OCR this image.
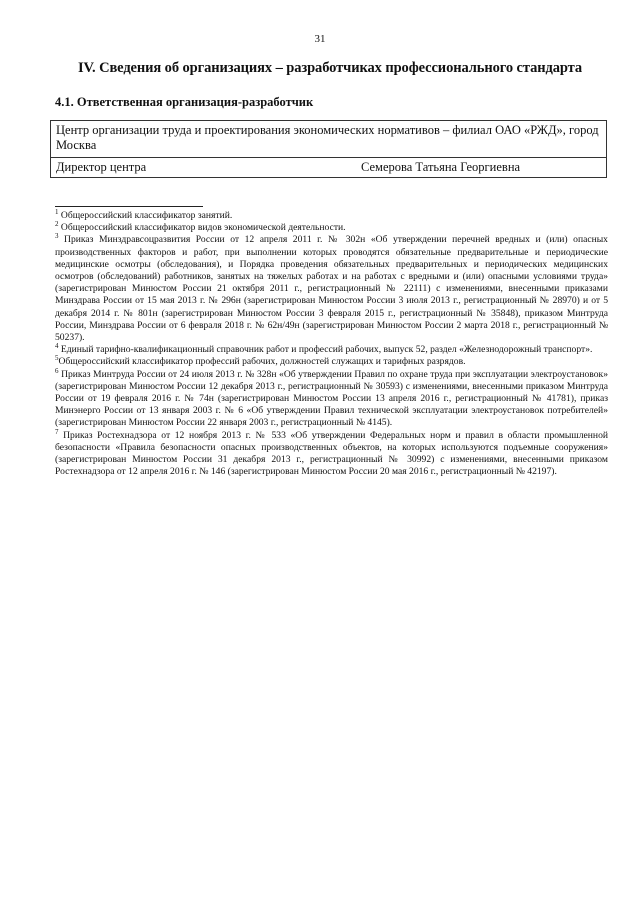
31
IV. Сведения об организациях – разработчиках профессионального стандарта
4.1. Ответственная организация-разработчик
Центр организации труда и проектирования экономических нормативов – филиал ОАО «РЖД», город Москва

Директор центра	Семерова Татьяна Георгиевна

$^1$ Общероссийский классификатор занятий.

$^2$ Общероссийский классификатор видов экономической деятельности.

$^3$ Приказ Минздравсоцразвития России от 12 апреля 2011 г. № 302н «Об утверждении перечней вредных и (или) опасных производственных факторов и работ, при выполнении которых проводятся обязательные предварительные и периодические медицинские осмотры (обследования), и Порядка проведения обязательных предварительных и периодических медицинских осмотров (обследований) работников, занятых на тяжелых работах и на работах с вредными и (или) опасными условиями труда» (зарегистрирован Минюстом России 21 октября 2011 г., регистрационный № 22111) с изменениями, внесенными приказами Минздрава России от 15 мая 2013 г. № 296н (зарегистрирован Минюстом России 3 июля 2013 г., регистрационный № 28970) и от 5 декабря 2014 г. № 801н (зарегистрирован Минюстом России 3 февраля 2015 г., регистрационный № 35848), приказом Минтруда России, Минздрава России от 6 февраля 2018 г. № 62н/49н (зарегистрирован Минюстом России 2 марта 2018 г., регистрационный № 50237).

$^4$ Единый тарифно-квалификационный справочник работ и профессий рабочих, выпуск 52, раздел «Железнодорожный транспорт».

$^5$Общероссийский классификатор профессий рабочих, должностей служащих и тарифных разрядов.

$^6$ Приказ Минтруда России от 24 июля 2013 г. № 328н «Об утверждении Правил по охране труда при эксплуатации электроустановок» (зарегистрирован Минюстом России 12 декабря 2013 г., регистрационный № 30593) с изменениями, внесенными приказом Минтруда России от 19 февраля 2016 г. № 74н (зарегистрирован Минюстом России 13 апреля 2016 г., регистрационный № 41781), приказ Минэнерго России от 13 января 2003 г. № 6 «Об утверждении Правил технической эксплуатации электроустановок потребителей» (зарегистрирован Минюстом России 22 января 2003 г., регистрационный № 4145).

$^7$ Приказ Ростехнадзора от 12 ноября 2013 г. № 533 «Об утверждении Федеральных норм и правил в области промышленной безопасности «Правила безопасности опасных производственных объектов, на которых используются подъемные сооружения» (зарегистрирован Минюстом России 31 декабря 2013 г., регистрационный № 30992) с изменениями, внесенными приказом Ростехнадзора от 12 апреля 2016 г. № 146 (зарегистрирован Минюстом России 20 мая 2016 г., регистрационный № 42197).
